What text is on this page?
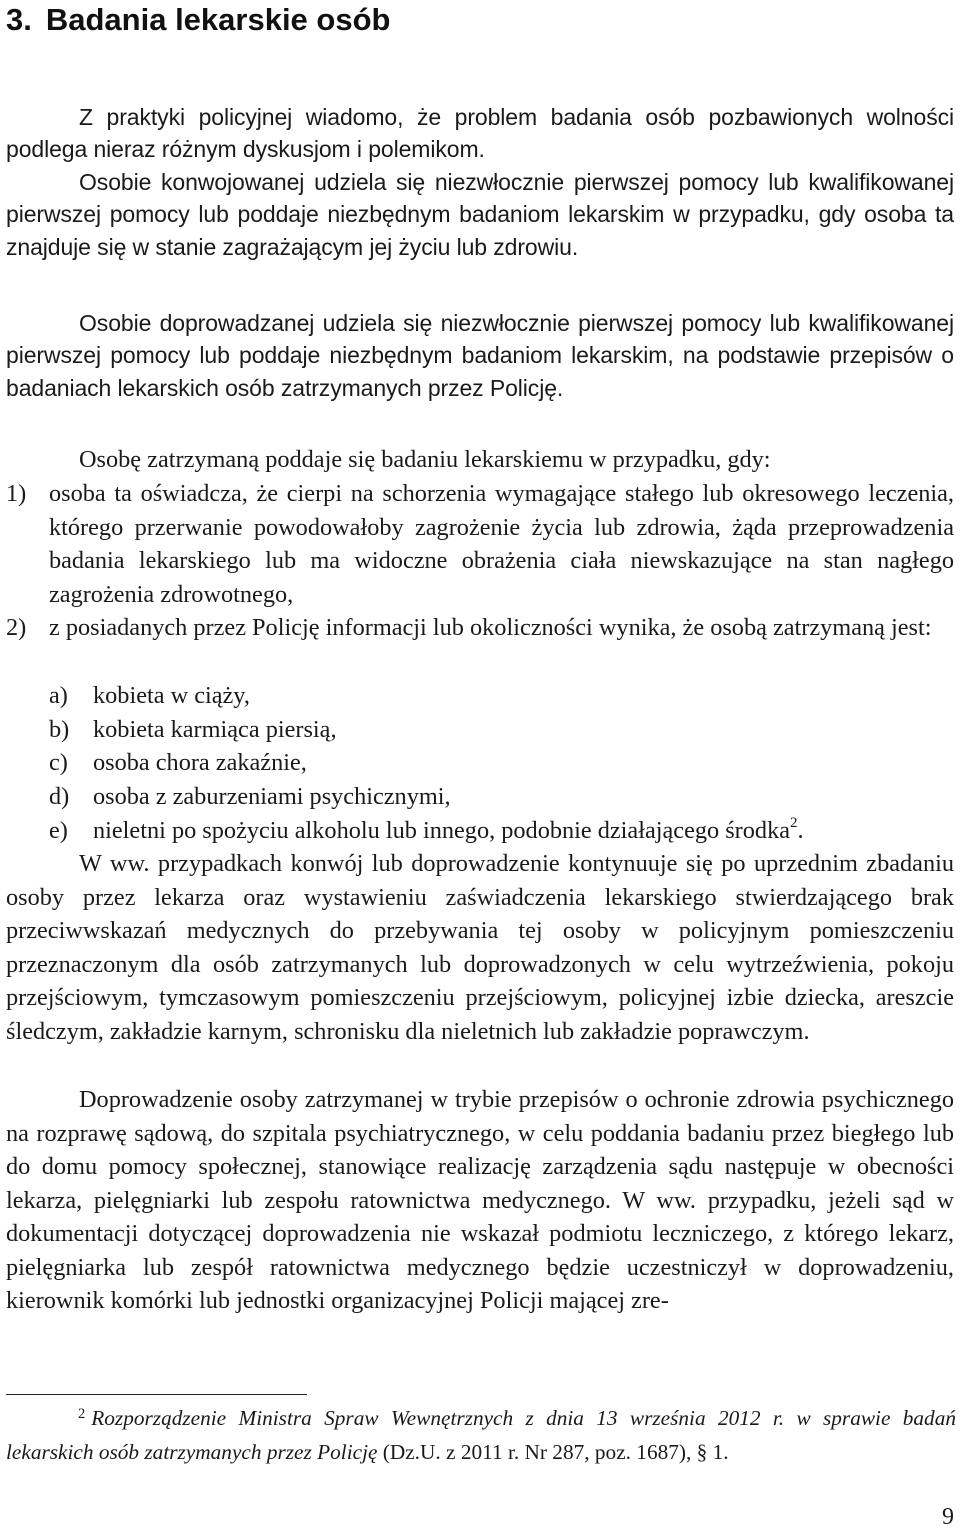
3. Badania lekarskie osób

Z praktyki policyjnej wiadomo, że problem badania osób pozbawionych wolności podlega nieraz różnym dyskusjom i polemikom.

Osobie konwojowanej udziela się niezwłocznie pierwszej pomocy lub kwalifikowanej pierwszej pomocy lub poddaje niezbędnym badaniom lekarskim w przypadku, gdy osoba ta znajduje się w stanie zagrażającym jej życiu lub zdrowiu.

Osobie doprowadzanej udziela się niezwłocznie pierwszej pomocy lub kwalifikowanej pierwszej pomocy lub poddaje niezbędnym badaniom lekarskim, na podstawie przepisów o badaniach lekarskich osób zatrzymanych przez Policję.

Osobę zatrzymaną poddaje się badaniu lekarskiemu w przypadku, gdy:

1) osoba ta oświadcza, że cierpi na schorzenia wymagające stałego lub okresowego leczenia, którego przerwanie powodowałoby zagrożenie życia lub zdrowia, żąda przeprowadzenia badania lekarskiego lub ma widoczne obrażenia ciała niewskazujące na stan nagłego zagrożenia zdrowotnego,
2) z posiadanych przez Policję informacji lub okoliczności wynika, że osobą zatrzymaną jest:
a) kobieta w ciąży,
b) kobieta karmiąca piersią,
c) osoba chora zakaźnie,
d) osoba z zaburzeniami psychicznymi,
e) nieletni po spożyciu alkoholu lub innego, podobnie działającego środka$^2$.

W ww. przypadkach konwój lub doprowadzenie kontynuuje się po uprzednim zbadaniu osoby przez lekarza oraz wystawieniu zaświadczenia lekarskiego stwierdzającego brak przeciwwskazań medycznych do przebywania tej osoby w policyjnym pomieszczeniu przeznaczonym dla osób zatrzymanych lub doprowadzonych w celu wytrzeźwienia, pokoju przejściowym, tymczasowym pomieszczeniu przejściowym, policyjnej izbie dziecka, areszcie śledczym, zakładzie karnym, schronisku dla nieletnich lub zakładzie poprawczym.

Doprowadzenie osoby zatrzymanej w trybie przepisów o ochronie zdrowia psychicznego na rozprawę sądową, do szpitala psychiatrycznego, w celu poddania badaniu przez biegłego lub do domu pomocy społecznej, stanowiące realizację zarządzenia sądu następuje w obecności lekarza, pielęgniarki lub zespołu ratownictwa medycznego. W ww. przypadku, jeżeli sąd w dokumentacji dotyczącej doprowadzenia nie wskazał podmiotu leczniczego, z którego lekarz, pielęgniarka lub zespół ratownictwa medycznego będzie uczestniczył w doprowadzeniu, kierownik komórki lub jednostki organizacyjnej Policji mającej zre-

$^2$ Rozporządzenie Ministra Spraw Wewnętrznych z dnia 13 września 2012 r. w sprawie badań lekarskich osób zatrzymanych przez Policję (Dz.U. z 2011 r. Nr 287, poz. 1687), § 1.
9
